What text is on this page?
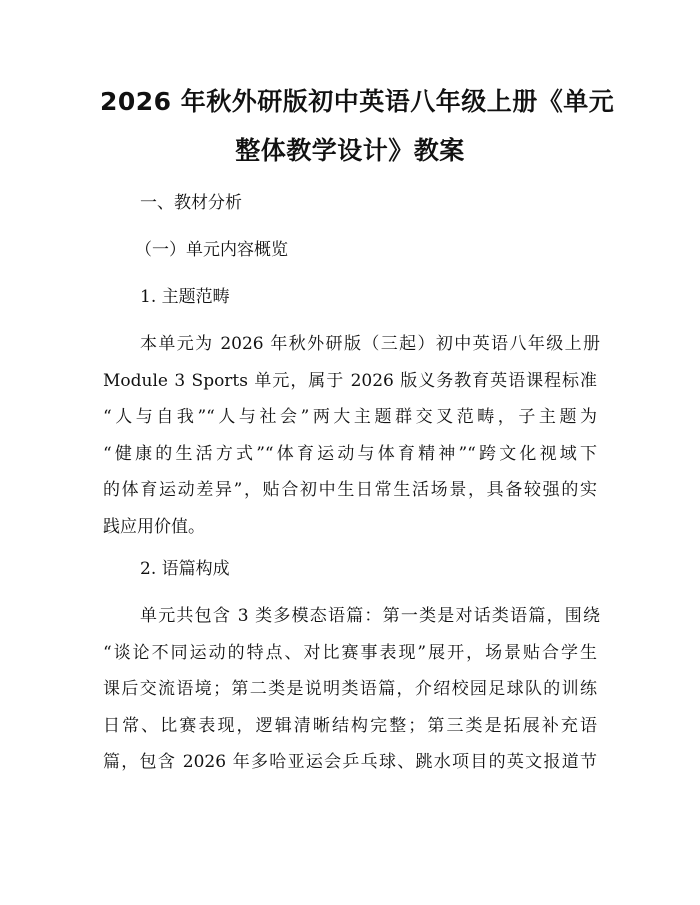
2026 年秋外研版初中英语八年级上册《单元
整体教学设计》教案
一、教材分析
（一）单元内容概览
1. 主题范畴
本单元为 2026 年秋外研版（三起）初中英语八年级上册
Module 3 Sports 单元，属于 2026 版义务教育英语课程标准
“人与自我”“人与社会”两大主题群交叉范畴，子主题为
“健康的生活方式”“体育运动与体育精神”“跨文化视域下
的体育运动差异”，贴合初中生日常生活场景，具备较强的实
践应用价值。
2. 语篇构成
单元共包含 3 类多模态语篇：第一类是对话类语篇，围绕
“谈论不同运动的特点、对比赛事表现”展开，场景贴合学生
课后交流语境；第二类是说明类语篇，介绍校园足球队的训练
日常、比赛表现，逻辑清晰结构完整；第三类是拓展补充语
篇，包含 2026 年多哈亚运会乒乓球、跳水项目的英文报道节
